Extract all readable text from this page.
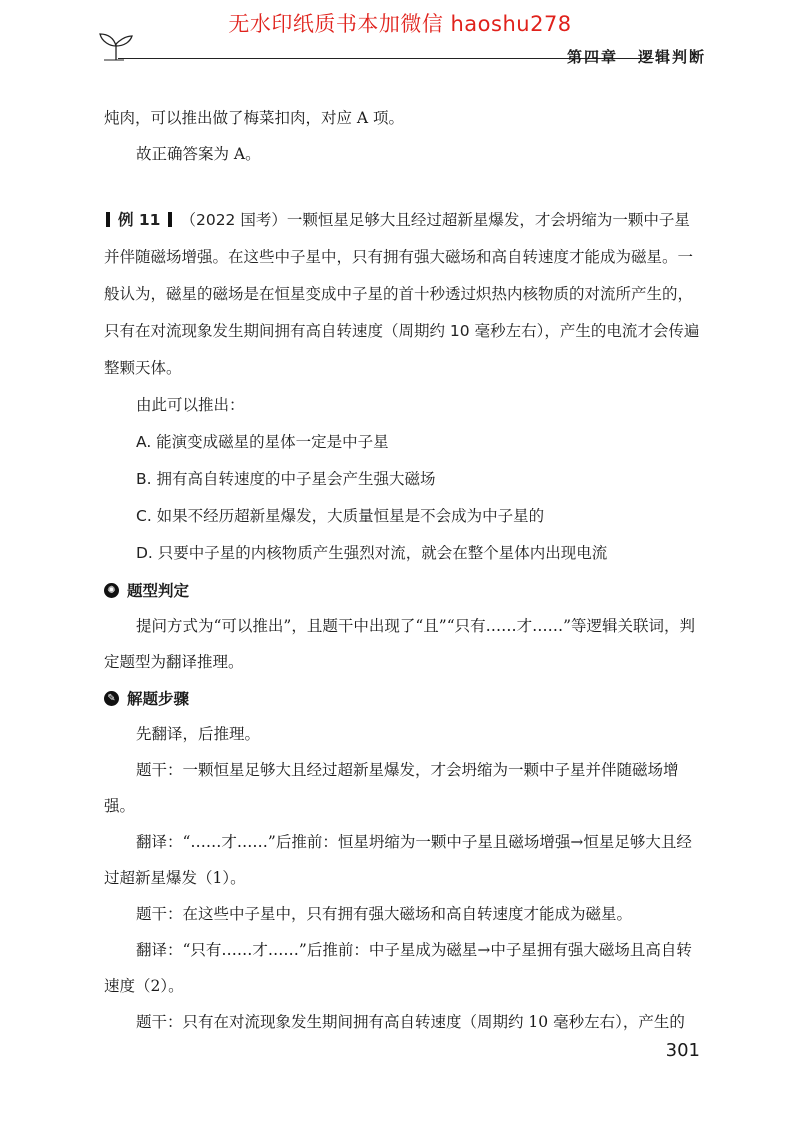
无水印纸质书本加微信 haoshu278
第四章 逻辑判断

炖肉，可以推出做了梅菜扣肉，对应 A 项。

故正确答案为 A。

例 11 （2022 国考）一颗恒星足够大且经过超新星爆发，才会坍缩为一颗中子星并伴随磁场增强。在这些中子星中，只有拥有强大磁场和高自转速度才能成为磁星。一般认为，磁星的磁场是在恒星变成中子星的首十秒透过炽热内核物质的对流所产生的，只有在对流现象发生期间拥有高自转速度（周期约 10 毫秒左右），产生的电流才会传遍整颗天体。

由此可以推出：

A. 能演变成磁星的星体一定是中子星

B. 拥有高自转速度的中子星会产生强大磁场

C. 如果不经历超新星爆发，大质量恒星是不会成为中子星的

D. 只要中子星的内核物质产生强烈对流，就会在整个星体内出现电流

✺ 题型判定

提问方式为“可以推出”，且题干中出现了“且”“只有……才……”等逻辑关联词，判定题型为翻译推理。

✎ 解题步骤

先翻译，后推理。

题干：一颗恒星足够大且经过超新星爆发，才会坍缩为一颗中子星并伴随磁场增强。

翻译：“……才……”后推前：恒星坍缩为一颗中子星且磁场增强→恒星足够大且经过超新星爆发（1）。

题干：在这些中子星中，只有拥有强大磁场和高自转速度才能成为磁星。

翻译：“只有……才……”后推前：中子星成为磁星→中子星拥有强大磁场且高自转速度（2）。

题干：只有在对流现象发生期间拥有高自转速度（周期约 10 毫秒左右），产生的

301
